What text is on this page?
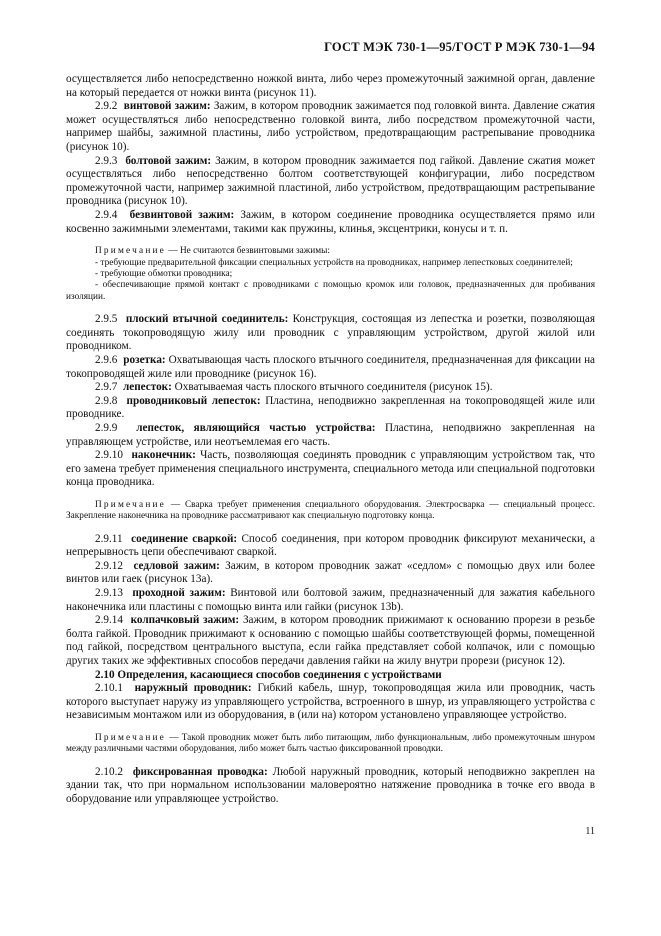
ГОСТ МЭК 730-1—95/ГОСТ Р МЭК 730-1—94

осуществляется либо непосредственно ножкой винта, либо через промежуточный зажимной орган, давление на который передается от ножки винта (рисунок 11).

2.9.2 винтовой зажим: Зажим, в котором проводник зажимается под головкой винта. Давление сжатия может осуществляться либо непосредственно головкой винта, либо посредством промежуточной части, например шайбы, зажимной пластины, либо устройством, предотвращающим растрепывание проводника (рисунок 10).

2.9.3 болтовой зажим: Зажим, в котором проводник зажимается под гайкой. Давление сжатия может осуществляться либо непосредственно болтом соответствующей конфигурации, либо посредством промежуточной части, например зажимной пластиной, либо устройством, предотвращающим растрепывание проводника (рисунок 10).

2.9.4 безвинтовой зажим: Зажим, в котором соединение проводника осуществляется прямо или косвенно зажимными элементами, такими как пружины, клинья, эксцентрики, конусы и т. п.

Примечание — Не считаются безвинтовыми зажимы:

- требующие предварительной фиксации специальных устройств на проводниках, например лепестковых соединителей;

- требующие обмотки проводника;

- обеспечивающие прямой контакт с проводниками с помощью кромок или головок, предназначенных для пробивания изоляции.

2.9.5 плоский втычной соединитель: Конструкция, состоящая из лепестка и розетки, позволяющая соединять токопроводящую жилу или проводник с управляющим устройством, другой жилой или проводником.

2.9.6 розетка: Охватывающая часть плоского втычного соединителя, предназначенная для фиксации на токопроводящей жиле или проводнике (рисунок 16).

2.9.7 лепесток: Охватываемая часть плоского втычного соединителя (рисунок 15).

2.9.8 проводниковый лепесток: Пластина, неподвижно закрепленная на токопроводящей жиле или проводнике.

2.9.9 лепесток, являющийся частью устройства: Пластина, неподвижно закрепленная на управляющем устройстве, или неотъемлемая его часть.

2.9.10 наконечник: Часть, позволяющая соединять проводник с управляющим устройством так, что его замена требует применения специального инструмента, специального метода или специальной подготовки конца проводника.

Примечание — Сварка требует применения специального оборудования. Электросварка — специальный процесс. Закрепление наконечника на проводнике рассматривают как специальную подготовку конца.

2.9.11 соединение сваркой: Способ соединения, при котором проводник фиксируют механически, а непрерывность цепи обеспечивают сваркой.

2.9.12 седловой зажим: Зажим, в котором проводник зажат «седлом» с помощью двух или более винтов или гаек (рисунок 13а).

2.9.13 проходной зажим: Винтовой или болтовой зажим, предназначенный для зажатия кабельного наконечника или пластины с помощью винта или гайки (рисунок 13b).

2.9.14 колпачковый зажим: Зажим, в котором проводник прижимают к основанию прорези в резьбе болта гайкой. Проводник прижимают к основанию с помощью шайбы соответствующей формы, помещенной под гайкой, посредством центрального выступа, если гайка представляет собой колпачок, или с помощью других таких же эффективных способов передачи давления гайки на жилу внутри прорези (рисунок 12).

2.10 Определения, касающиеся способов соединения с устройствами

2.10.1 наружный проводник: Гибкий кабель, шнур, токопроводящая жила или проводник, часть которого выступает наружу из управляющего устройства, встроенного в шнур, из управляющего устройства с независимым монтажом или из оборудования, в (или на) котором установлено управляющее устройство.

Примечание — Такой проводник может быть либо питающим, либо функциональным, либо промежуточным шнуром между различными частями оборудования, либо может быть частью фиксированной проводки.

2.10.2 фиксированная проводка: Любой наружный проводник, который неподвижно закреплен на здании так, что при нормальном использовании маловероятно натяжение проводника в точке его ввода в оборудование или управляющее устройство.

11
